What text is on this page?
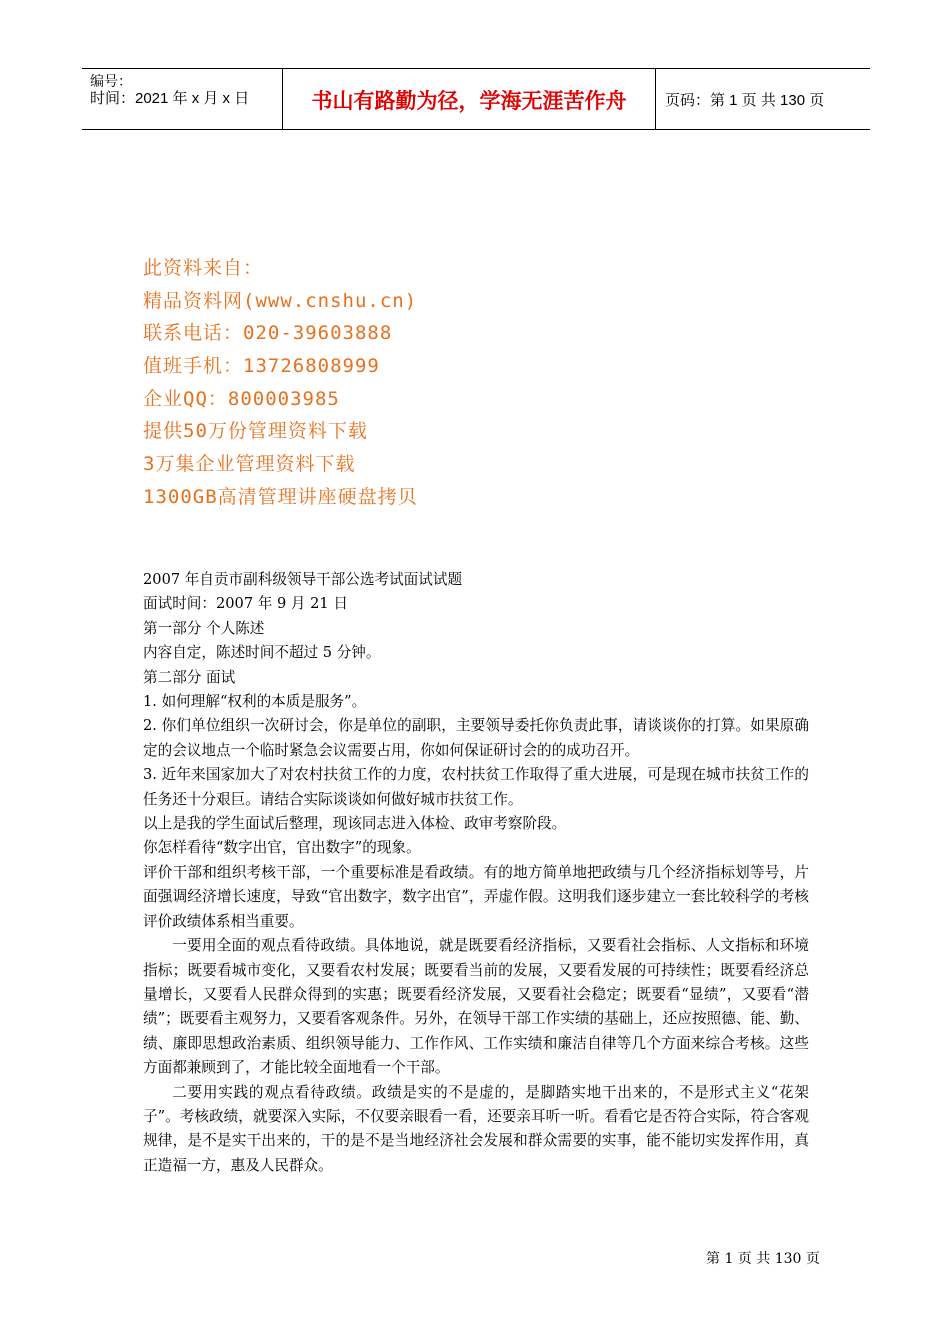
编号：
时间：2021 年 x 月 x 日	书山有路勤为径，学海无涯苦作舟	页码：第 1 页 共 130 页
此资料来自：
精品资料网(www.cnshu.cn)
联系电话：020-39603888
值班手机：13726808999
企业QQ：800003985
提供50万份管理资料下载
3万集企业管理资料下载
1300GB高清管理讲座硬盘拷贝

2007 年自贡市副科级领导干部公选考试面试试题

面试时间：2007 年 9 月 21 日

第一部分 个人陈述

内容自定，陈述时间不超过 5 分钟。

第二部分 面试

1. 如何理解“权利的本质是服务”。

2. 你们单位组织一次研讨会，你是单位的副职，主要领导委托你负责此事，请谈谈你的打算。如果原确定的会议地点一个临时紧急会议需要占用，你如何保证研讨会的的成功召开。

3. 近年来国家加大了对农村扶贫工作的力度，农村扶贫工作取得了重大进展，可是现在城市扶贫工作的任务还十分艰巨。请结合实际谈谈如何做好城市扶贫工作。

以上是我的学生面试后整理，现该同志进入体检、政审考察阶段。

你怎样看待“数字出官，官出数字”的现象。

评价干部和组织考核干部，一个重要标准是看政绩。有的地方简单地把政绩与几个经济指标划等号，片面强调经济增长速度，导致“官出数字，数字出官”，弄虚作假。这明我们逐步建立一套比较科学的考核评价政绩体系相当重要。

一要用全面的观点看待政绩。具体地说，就是既要看经济指标，又要看社会指标、人文指标和环境指标；既要看城市变化，又要看农村发展；既要看当前的发展，又要看发展的可持续性；既要看经济总量增长，又要看人民群众得到的实惠；既要看经济发展，又要看社会稳定；既要看“显绩”，又要看“潜绩”；既要看主观努力，又要看客观条件。另外，在领导干部工作实绩的基础上，还应按照德、能、勤、绩、廉即思想政治素质、组织领导能力、工作作风、工作实绩和廉洁自律等几个方面来综合考核。这些方面都兼顾到了，才能比较全面地看一个干部。

二要用实践的观点看待政绩。政绩是实的不是虚的，是脚踏实地干出来的，不是形式主义“花架子”。考核政绩，就要深入实际，不仅要亲眼看一看，还要亲耳听一听。看看它是否符合实际，符合客观规律，是不是实干出来的，干的是不是当地经济社会发展和群众需要的实事，能不能切实发挥作用，真正造福一方，惠及人民群众。

第 1 页 共 130 页
